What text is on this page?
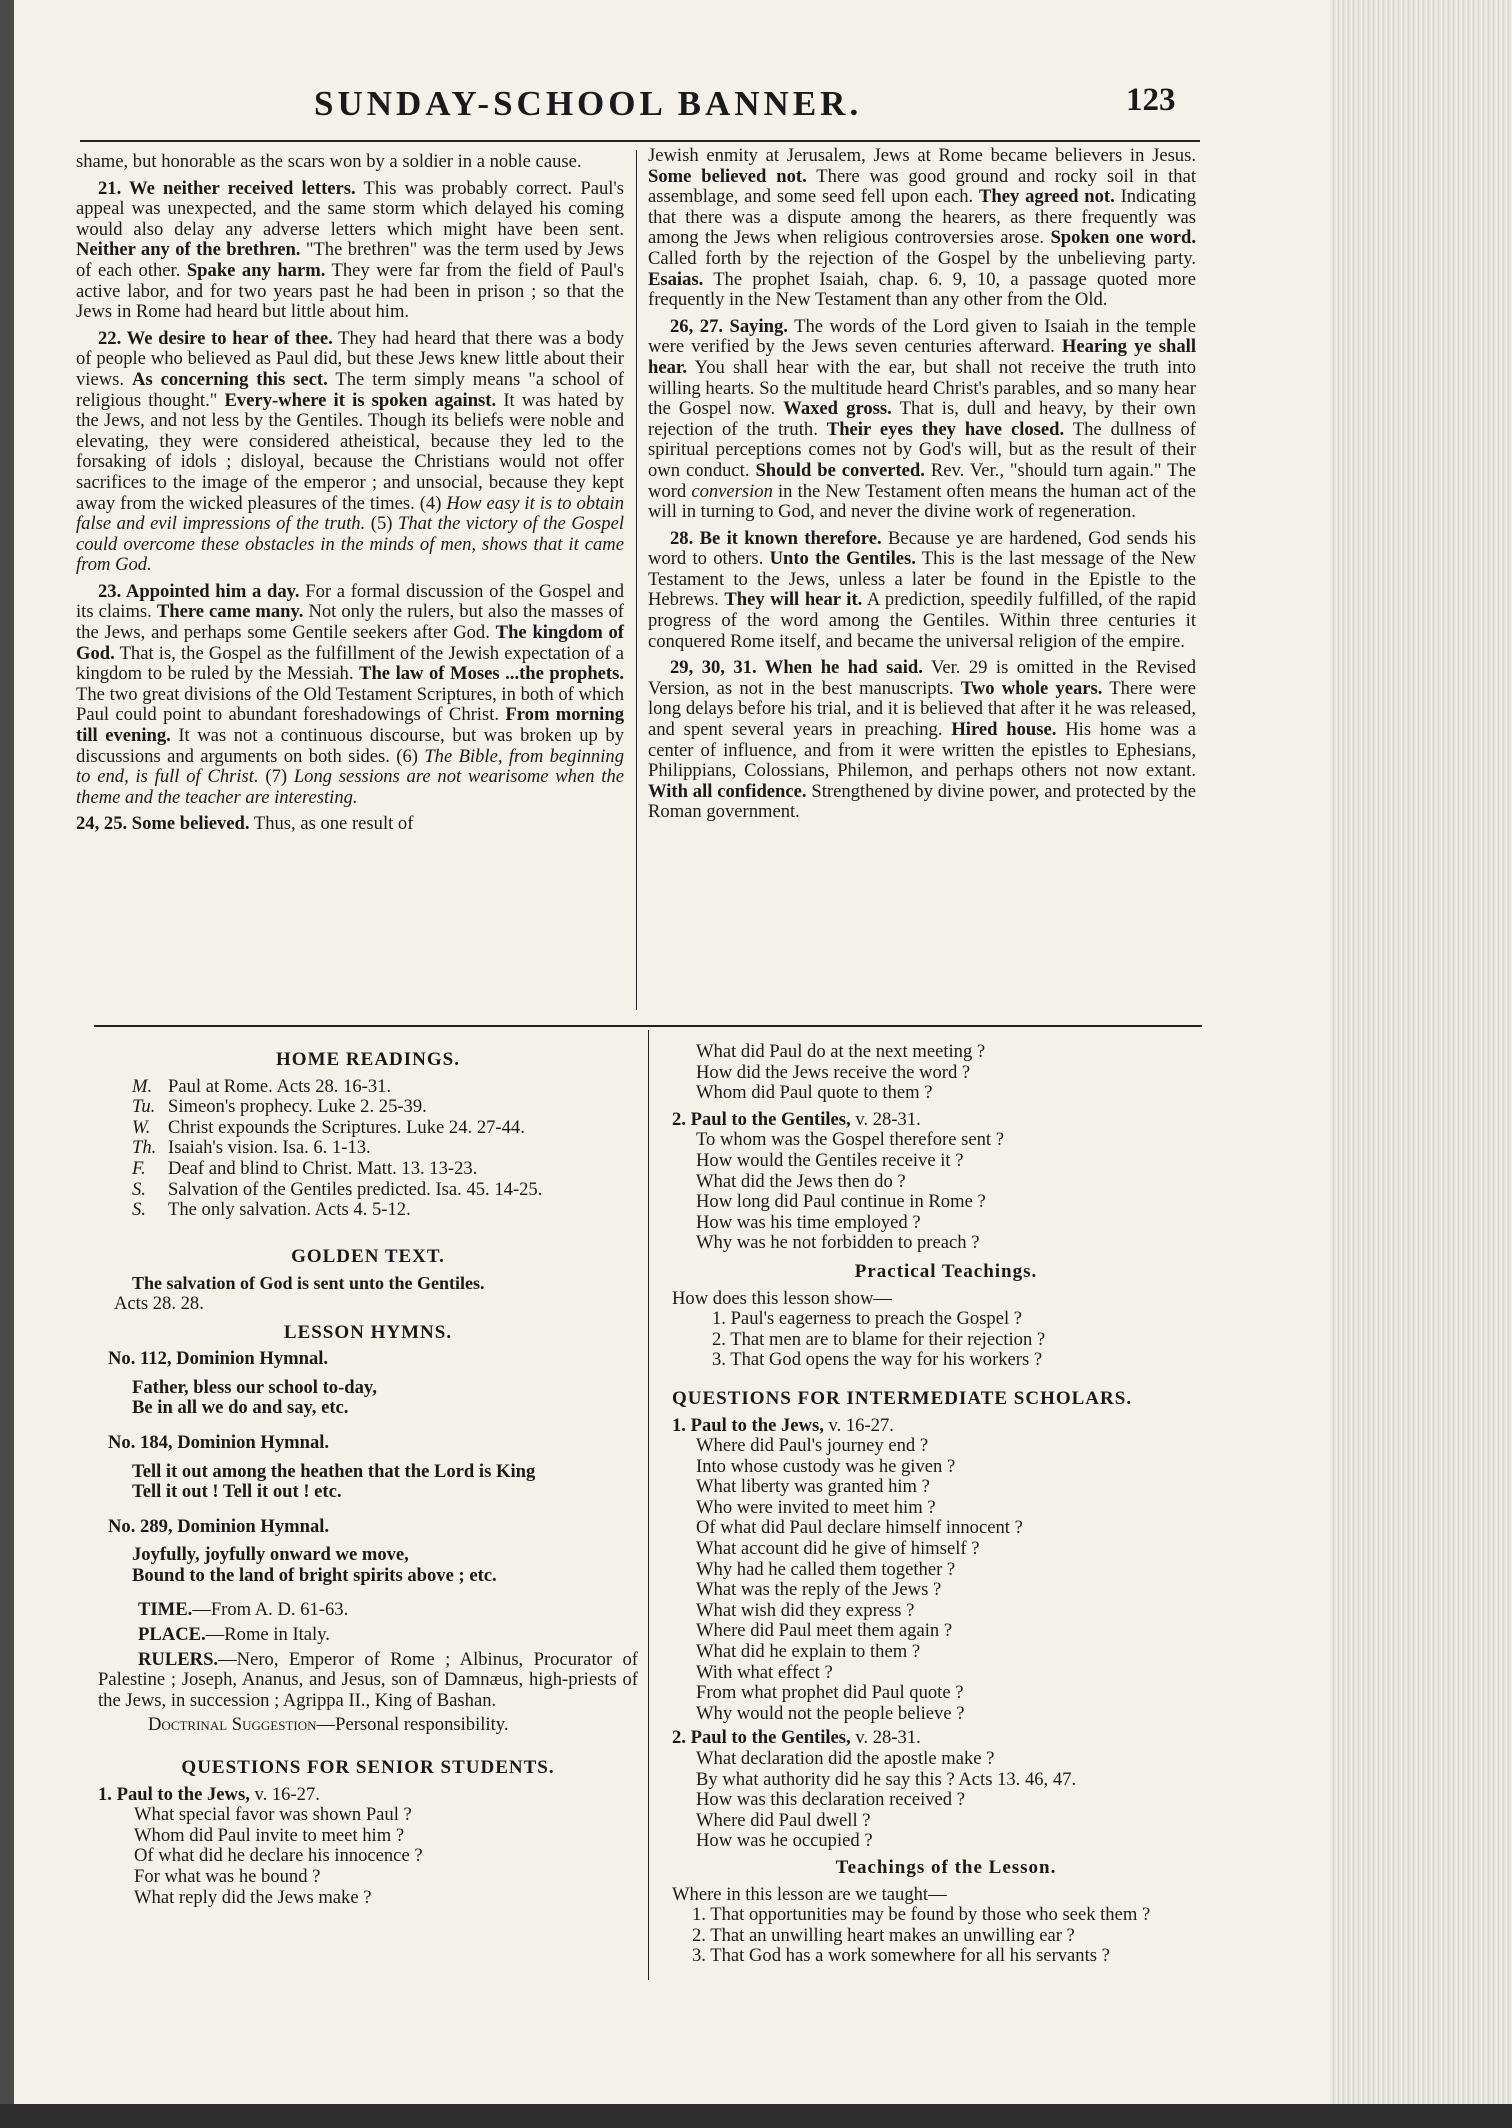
SUNDAY-SCHOOL BANNER.	123

shame, but honorable as the scars won by a soldier in a noble cause.

21. We neither received letters. This was probably correct. Paul's appeal was unexpected, and the same storm which delayed his coming would also delay any adverse letters which might have been sent. Neither any of the brethren. "The brethren" was the term used by Jews of each other. Spake any harm. They were far from the field of Paul's active labor, and for two years past he had been in prison ; so that the Jews in Rome had heard but little about him.

22. We desire to hear of thee. They had heard that there was a body of people who believed as Paul did, but these Jews knew little about their views. As concerning this sect. The term simply means "a school of religious thought." Every-where it is spoken against. It was hated by the Jews, and not less by the Gentiles. Though its beliefs were noble and elevating, they were considered atheistical, because they led to the forsaking of idols ; disloyal, because the Christians would not offer sacrifices to the image of the emperor ; and unsocial, because they kept away from the wicked pleasures of the times. (4) How easy it is to obtain false and evil impressions of the truth. (5) That the victory of the Gospel could overcome these obstacles in the minds of men, shows that it came from God.

23. Appointed him a day. For a formal discussion of the Gospel and its claims. There came many. Not only the rulers, but also the masses of the Jews, and perhaps some Gentile seekers after God. The kingdom of God. That is, the Gospel as the fulfillment of the Jewish expectation of a kingdom to be ruled by the Messiah. The law of Moses ...the prophets. The two great divisions of the Old Testament Scriptures, in both of which Paul could point to abundant foreshadowings of Christ. From morning till evening. It was not a continuous discourse, but was broken up by discussions and arguments on both sides. (6) The Bible, from beginning to end, is full of Christ. (7) Long sessions are not wearisome when the theme and the teacher are interesting.

24, 25. Some believed. Thus, as one result of

Jewish enmity at Jerusalem, Jews at Rome became believers in Jesus. Some believed not. There was good ground and rocky soil in that assemblage, and some seed fell upon each. They agreed not. Indicating that there was a dispute among the hearers, as there frequently was among the Jews when religious controversies arose. Spoken one word. Called forth by the rejection of the Gospel by the unbelieving party. Esaias. The prophet Isaiah, chap. 6. 9, 10, a passage quoted more frequently in the New Testament than any other from the Old.

26, 27. Saying. The words of the Lord given to Isaiah in the temple were verified by the Jews seven centuries afterward. Hearing ye shall hear. You shall hear with the ear, but shall not receive the truth into willing hearts. So the multitude heard Christ's parables, and so many hear the Gospel now. Waxed gross. That is, dull and heavy, by their own rejection of the truth. Their eyes they have closed. The dullness of spiritual perceptions comes not by God's will, but as the result of their own conduct. Should be converted. Rev. Ver., "should turn again." The word conversion in the New Testament often means the human act of the will in turning to God, and never the divine work of regeneration.

28. Be it known therefore. Because ye are hardened, God sends his word to others. Unto the Gentiles. This is the last message of the New Testament to the Jews, unless a later be found in the Epistle to the Hebrews. They will hear it. A prediction, speedily fulfilled, of the rapid progress of the word among the Gentiles. Within three centuries it conquered Rome itself, and became the universal religion of the empire.

29, 30, 31. When he had said. Ver. 29 is omitted in the Revised Version, as not in the best manuscripts. Two whole years. There were long delays before his trial, and it is believed that after it he was released, and spent several years in preaching. Hired house. His home was a center of influence, and from it were written the epistles to Ephesians, Philippians, Colossians, Philemon, and perhaps others not now extant. With all confidence. Strengthened by divine power, and protected by the Roman government.

HOME READINGS.
M. Paul at Rome. Acts 28. 16-31.
Tu. Simeon's prophecy. Luke 2. 25-39.
W. Christ expounds the Scriptures. Luke 24. 27-44.
Th. Isaiah's vision. Isa. 6. 1-13.
F.	Deaf and blind to Christ. Matt. 13. 13-23.
S.	Salvation of the Gentiles predicted. Isa. 45. 14-25.
S.	The only salvation. Acts 4. 5-12.
GOLDEN TEXT.
The salvation of God is sent unto the Gentiles.
Acts 28. 28.
LESSON HYMNS.
No. 112, Dominion Hymnal.
Father, bless our school to-day,
Be in all we do and say, etc.
No. 184, Dominion Hymnal.
Tell it out among the heathen that the Lord is King
Tell it out ! Tell it out ! etc.
No. 289, Dominion Hymnal.
Joyfully, joyfully onward we move,
Bound to the land of bright spirits above ; etc.
TIME.—From A. D. 61-63.
PLACE.—Rome in Italy.
RULERS.—Nero, Emperor of Rome ; Albinus, Procurator of Palestine ; Joseph, Ananus, and Jesus, son of Damnæus, high-priests of the Jews, in succession ; Agrippa II., King of Bashan.
Doctrinal Suggestion—Personal responsibility.
QUESTIONS FOR SENIOR STUDENTS.
1. Paul to the Jews, v. 16-27.
What special favor was shown Paul ?
Whom did Paul invite to meet him ?
Of what did he declare his innocence ?
For what was he bound ?
What reply did the Jews make ?
What did Paul do at the next meeting ?
How did the Jews receive the word ?
Whom did Paul quote to them ?
2. Paul to the Gentiles, v. 28-31.
To whom was the Gospel therefore sent ?
How would the Gentiles receive it ?
What did the Jews then do ?
How long did Paul continue in Rome ?
How was his time employed ?
Why was he not forbidden to preach ?
Practical Teachings.
How does this lesson show—
1. Paul's eagerness to preach the Gospel ?
2. That men are to blame for their rejection ?
3. That God opens the way for his workers ?
QUESTIONS FOR INTERMEDIATE SCHOLARS.
1. Paul to the Jews, v. 16-27.
Where did Paul's journey end ?
Into whose custody was he given ?
What liberty was granted him ?
Who were invited to meet him ?
Of what did Paul declare himself innocent ?
What account did he give of himself ?
Why had he called them together ?
What was the reply of the Jews ?
What wish did they express ?
Where did Paul meet them again ?
What did he explain to them ?
With what effect ?
From what prophet did Paul quote ?
Why would not the people believe ?
2. Paul to the Gentiles, v. 28-31.
What declaration did the apostle make ?
By what authority did he say this ? Acts 13. 46, 47.
How was this declaration received ?
Where did Paul dwell ?
How was he occupied ?
Teachings of the Lesson.
Where in this lesson are we taught—
1. That opportunities may be found by those who seek them ?
2. That an unwilling heart makes an unwilling ear ?
3. That God has a work somewhere for all his servants ?
